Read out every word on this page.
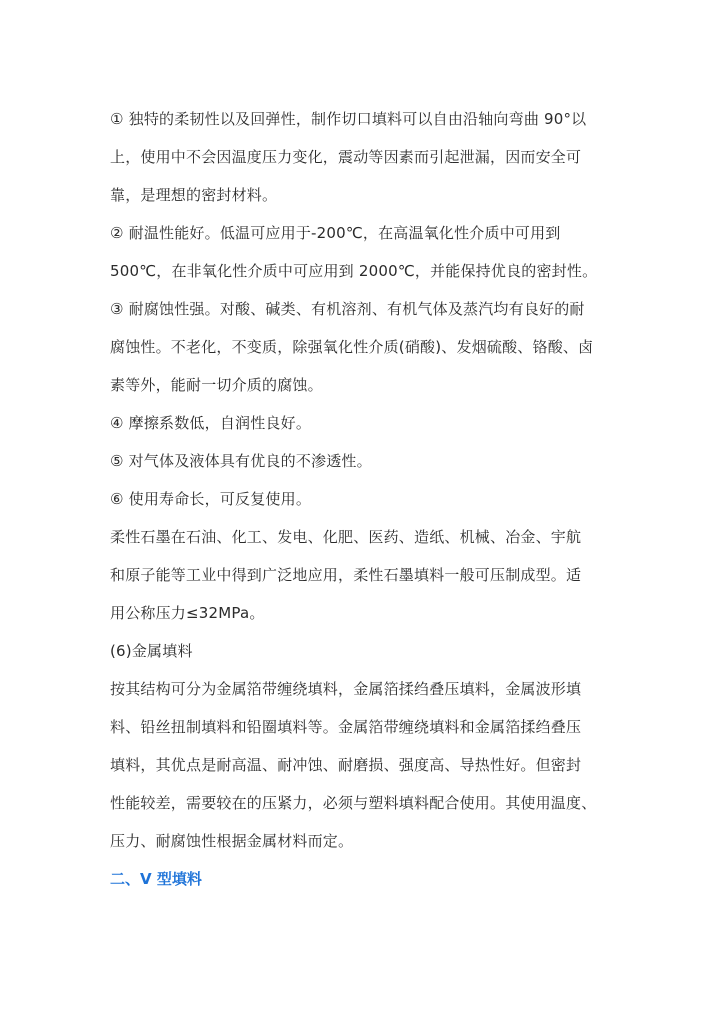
① 独特的柔韧性以及回弹性，制作切口填料可以自由沿轴向弯曲 90°以
上，使用中不会因温度压力变化，震动等因素而引起泄漏，因而安全可
靠，是理想的密封材料。
② 耐温性能好。低温可应用于-200℃，在高温氧化性介质中可用到
500℃，在非氧化性介质中可应用到 2000℃，并能保持优良的密封性。
③ 耐腐蚀性强。对酸、碱类、有机溶剂、有机气体及蒸汽均有良好的耐
腐蚀性。不老化，不变质，除强氧化性介质(硝酸)、发烟硫酸、铬酸、卤
素等外，能耐一切介质的腐蚀。
④ 摩擦系数低，自润性良好。
⑤ 对气体及液体具有优良的不渗透性。
⑥ 使用寿命长，可反复使用。
柔性石墨在石油、化工、发电、化肥、医药、造纸、机械、冶金、宇航
和原子能等工业中得到广泛地应用，柔性石墨填料一般可压制成型。适
用公称压力≤32MPa。
(6)金属填料
按其结构可分为金属箔带缠绕填料，金属箔揉绉叠压填料，金属波形填
料、铅丝扭制填料和铅圈填料等。金属箔带缠绕填料和金属箔揉绉叠压
填料，其优点是耐高温、耐冲蚀、耐磨损、强度高、导热性好。但密封
性能较差，需要较在的压紧力，必须与塑料填料配合使用。其使用温度、
压力、耐腐蚀性根据金属材料而定。
二、V 型填料
